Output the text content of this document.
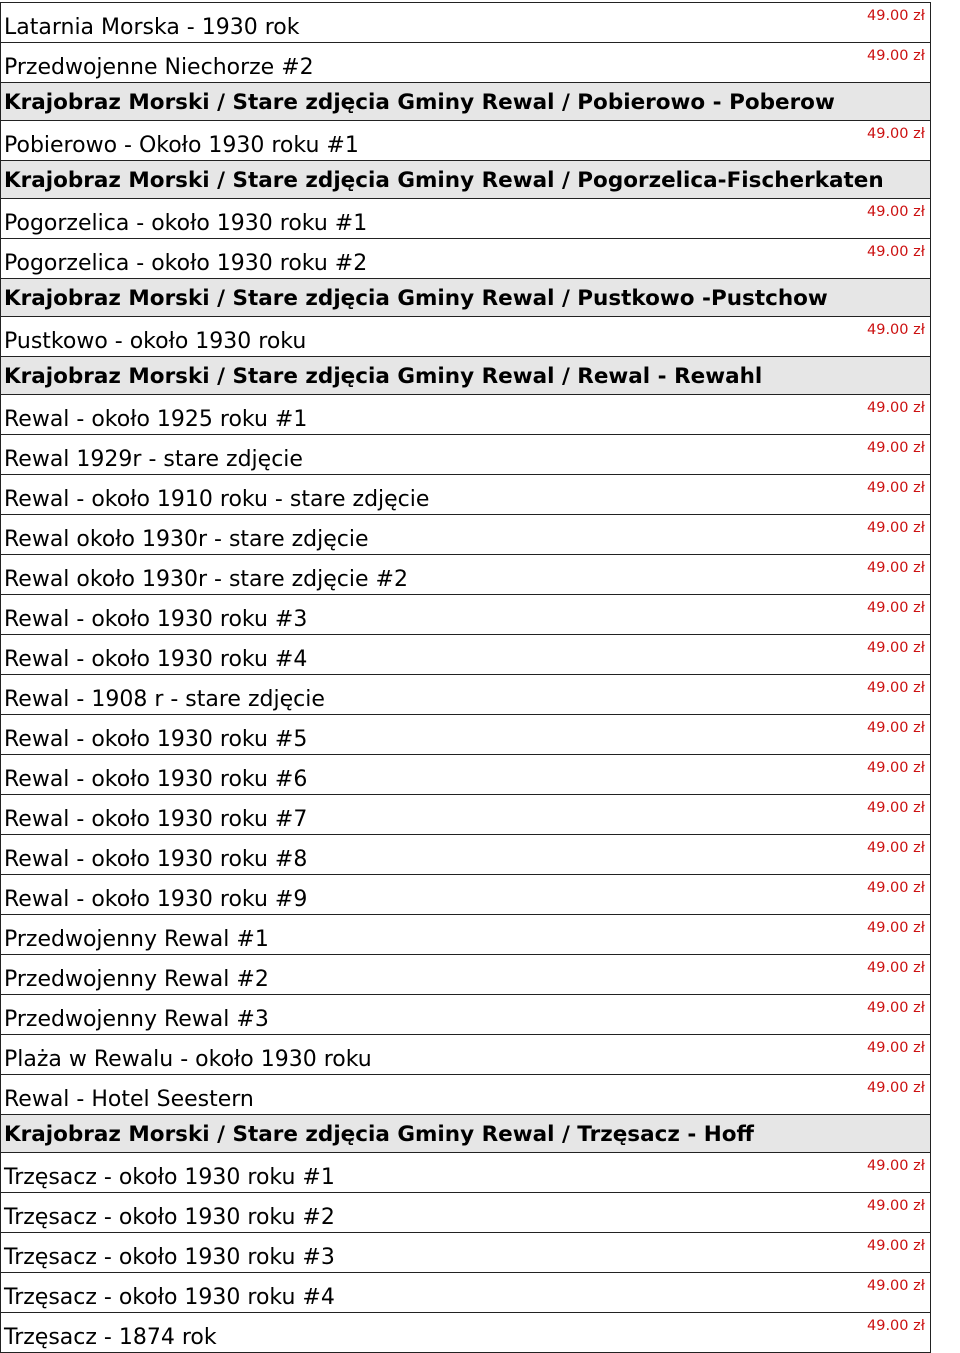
Latarnia Morska - 1930 rok	49.00 zł
Przedwojenne Niechorze #2	49.00 zł
Krajobraz Morski / Stare zdjęcia Gminy Rewal / Pobierowo - Poberow
Pobierowo - Około 1930 roku #1	49.00 zł
Krajobraz Morski / Stare zdjęcia Gminy Rewal / Pogorzelica-Fischerkaten
Pogorzelica - około 1930 roku #1	49.00 zł
Pogorzelica - około 1930 roku #2	49.00 zł
Krajobraz Morski / Stare zdjęcia Gminy Rewal / Pustkowo -Pustchow
Pustkowo - około 1930 roku	49.00 zł
Krajobraz Morski / Stare zdjęcia Gminy Rewal / Rewal - Rewahl
Rewal - około 1925 roku #1	49.00 zł
Rewal 1929r - stare zdjęcie	49.00 zł
Rewal - około 1910 roku - stare zdjęcie	49.00 zł
Rewal około 1930r - stare zdjęcie	49.00 zł
Rewal około 1930r - stare zdjęcie #2	49.00 zł
Rewal - około 1930 roku #3	49.00 zł
Rewal - około 1930 roku #4	49.00 zł
Rewal - 1908 r - stare zdjęcie	49.00 zł
Rewal - około 1930 roku #5	49.00 zł
Rewal - około 1930 roku #6	49.00 zł
Rewal - około 1930 roku #7	49.00 zł
Rewal - około 1930 roku #8	49.00 zł
Rewal - około 1930 roku #9	49.00 zł
Przedwojenny Rewal #1	49.00 zł
Przedwojenny Rewal #2	49.00 zł
Przedwojenny Rewal #3	49.00 zł
Plaża w Rewalu - około 1930 roku	49.00 zł
Rewal - Hotel Seestern	49.00 zł
Krajobraz Morski / Stare zdjęcia Gminy Rewal / Trzęsacz - Hoff
Trzęsacz - około 1930 roku #1	49.00 zł
Trzęsacz - około 1930 roku #2	49.00 zł
Trzęsacz - około 1930 roku #3	49.00 zł
Trzęsacz - około 1930 roku #4	49.00 zł
Trzęsacz - 1874 rok	49.00 zł
